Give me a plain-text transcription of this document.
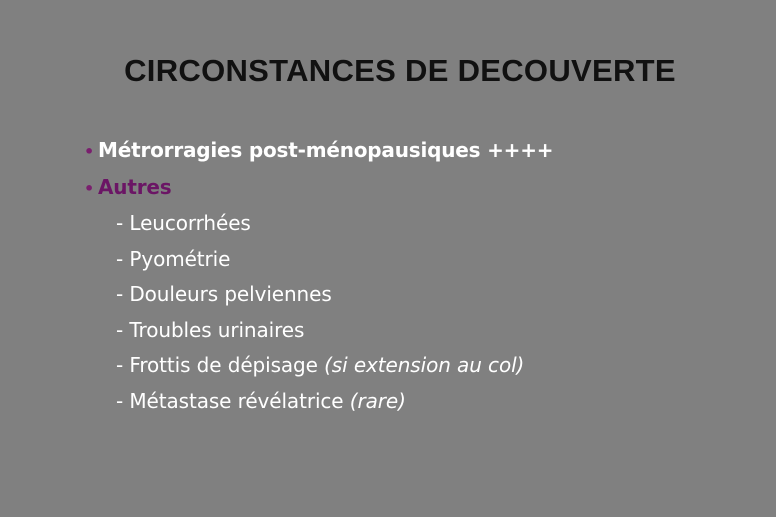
CIRCONSTANCES DE DECOUVERTE
• Métrorragies post-ménopausiques ++++
• Autres
- Leucorrhées
- Pyométrie
- Douleurs pelviennes
- Troubles urinaires
- Frottis de dépisage (si extension au col)
- Métastase révélatrice (rare)
